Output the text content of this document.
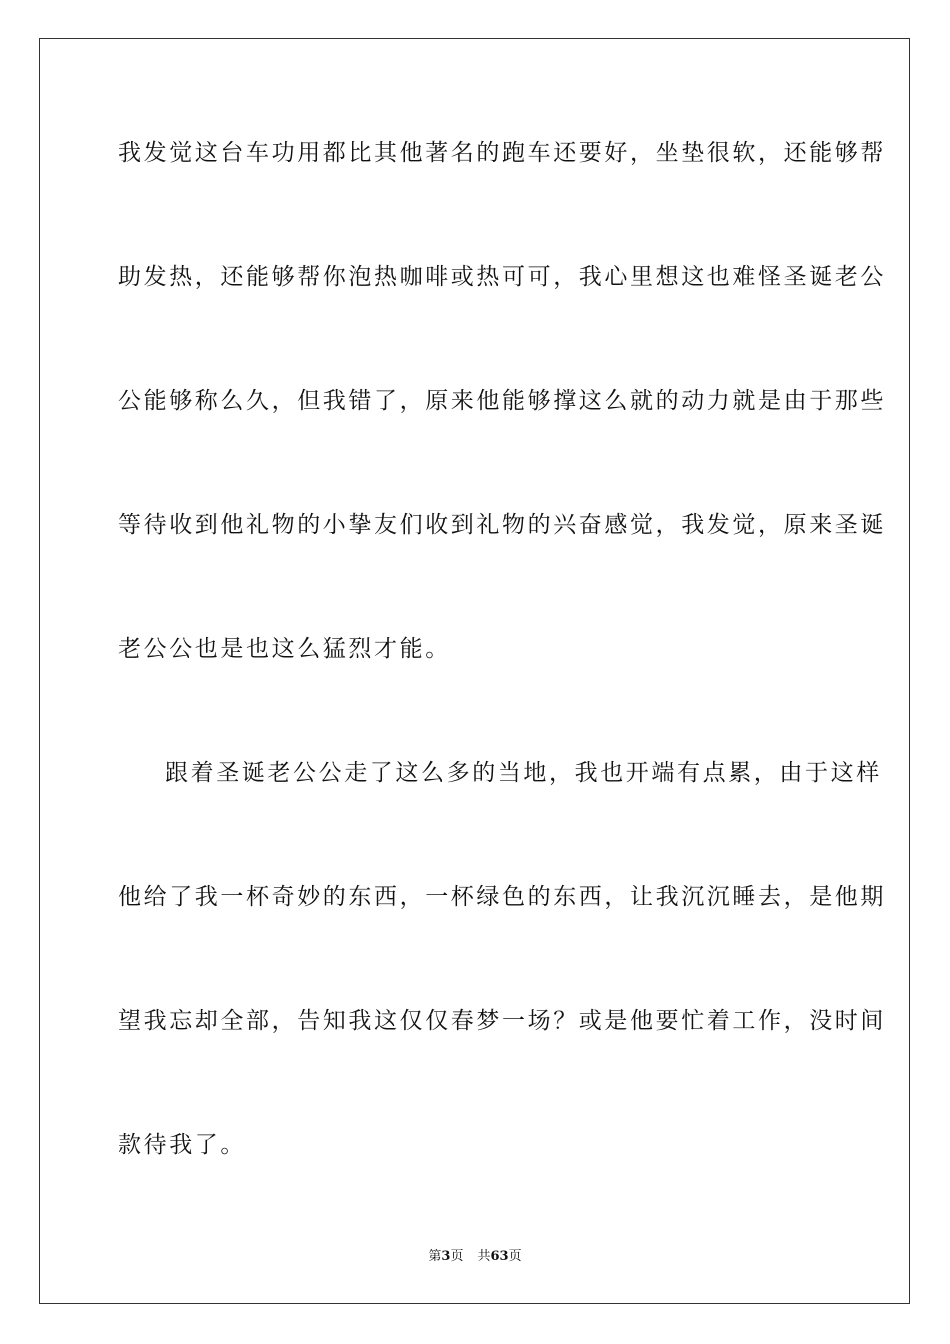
我发觉这台车功用都比其他著名的跑车还要好，坐垫很软，还能够帮
助发热，还能够帮你泡热咖啡或热可可，我心里想这也难怪圣诞老公
公能够称么久，但我错了，原来他能够撑这么就的动力就是由于那些
等待收到他礼物的小挚友们收到礼物的兴奋感觉，我发觉，原来圣诞
老公公也是也这么猛烈才能。
跟着圣诞老公公走了这么多的当地，我也开端有点累，由于这样
他给了我一杯奇妙的东西，一杯绿色的东西，让我沉沉睡去，是他期
望我忘却全部，告知我这仅仅春梦一场？或是他要忙着工作，没时间
款待我了。
第3页 共63页
